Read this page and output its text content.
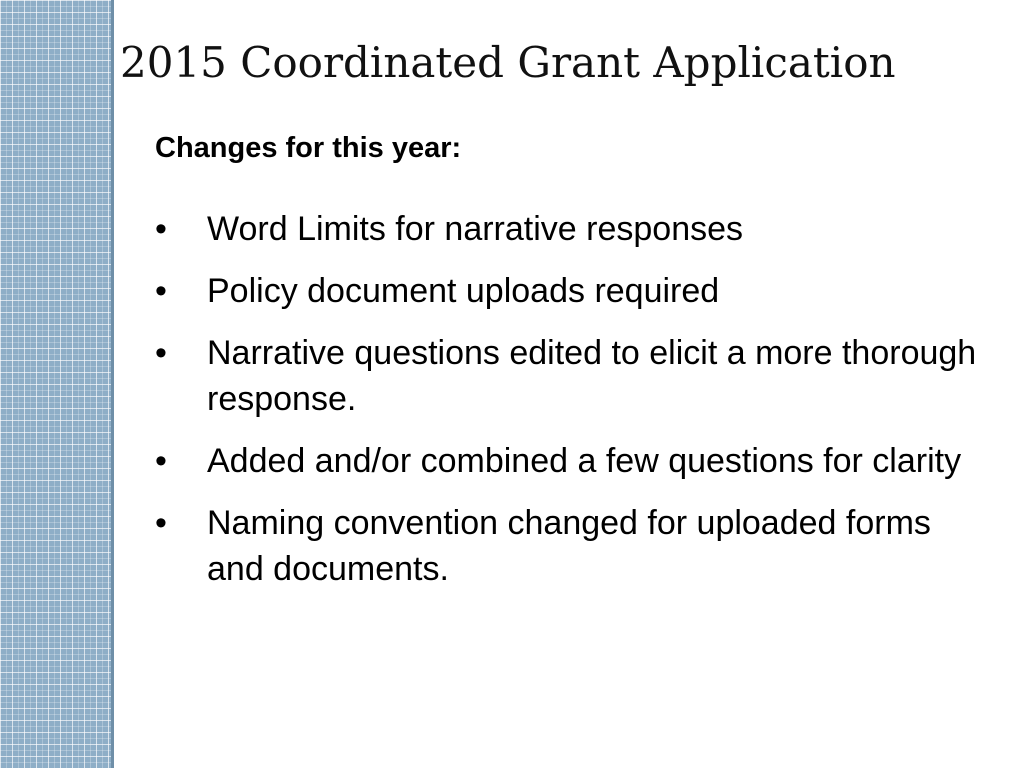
2015 Coordinated Grant Application
Changes for this year:
• Word Limits for narrative responses
• Policy document uploads required
• Narrative questions edited to elicit a more thorough response.
• Added and/or combined a few questions for clarity
• Naming convention changed for uploaded forms and documents.
